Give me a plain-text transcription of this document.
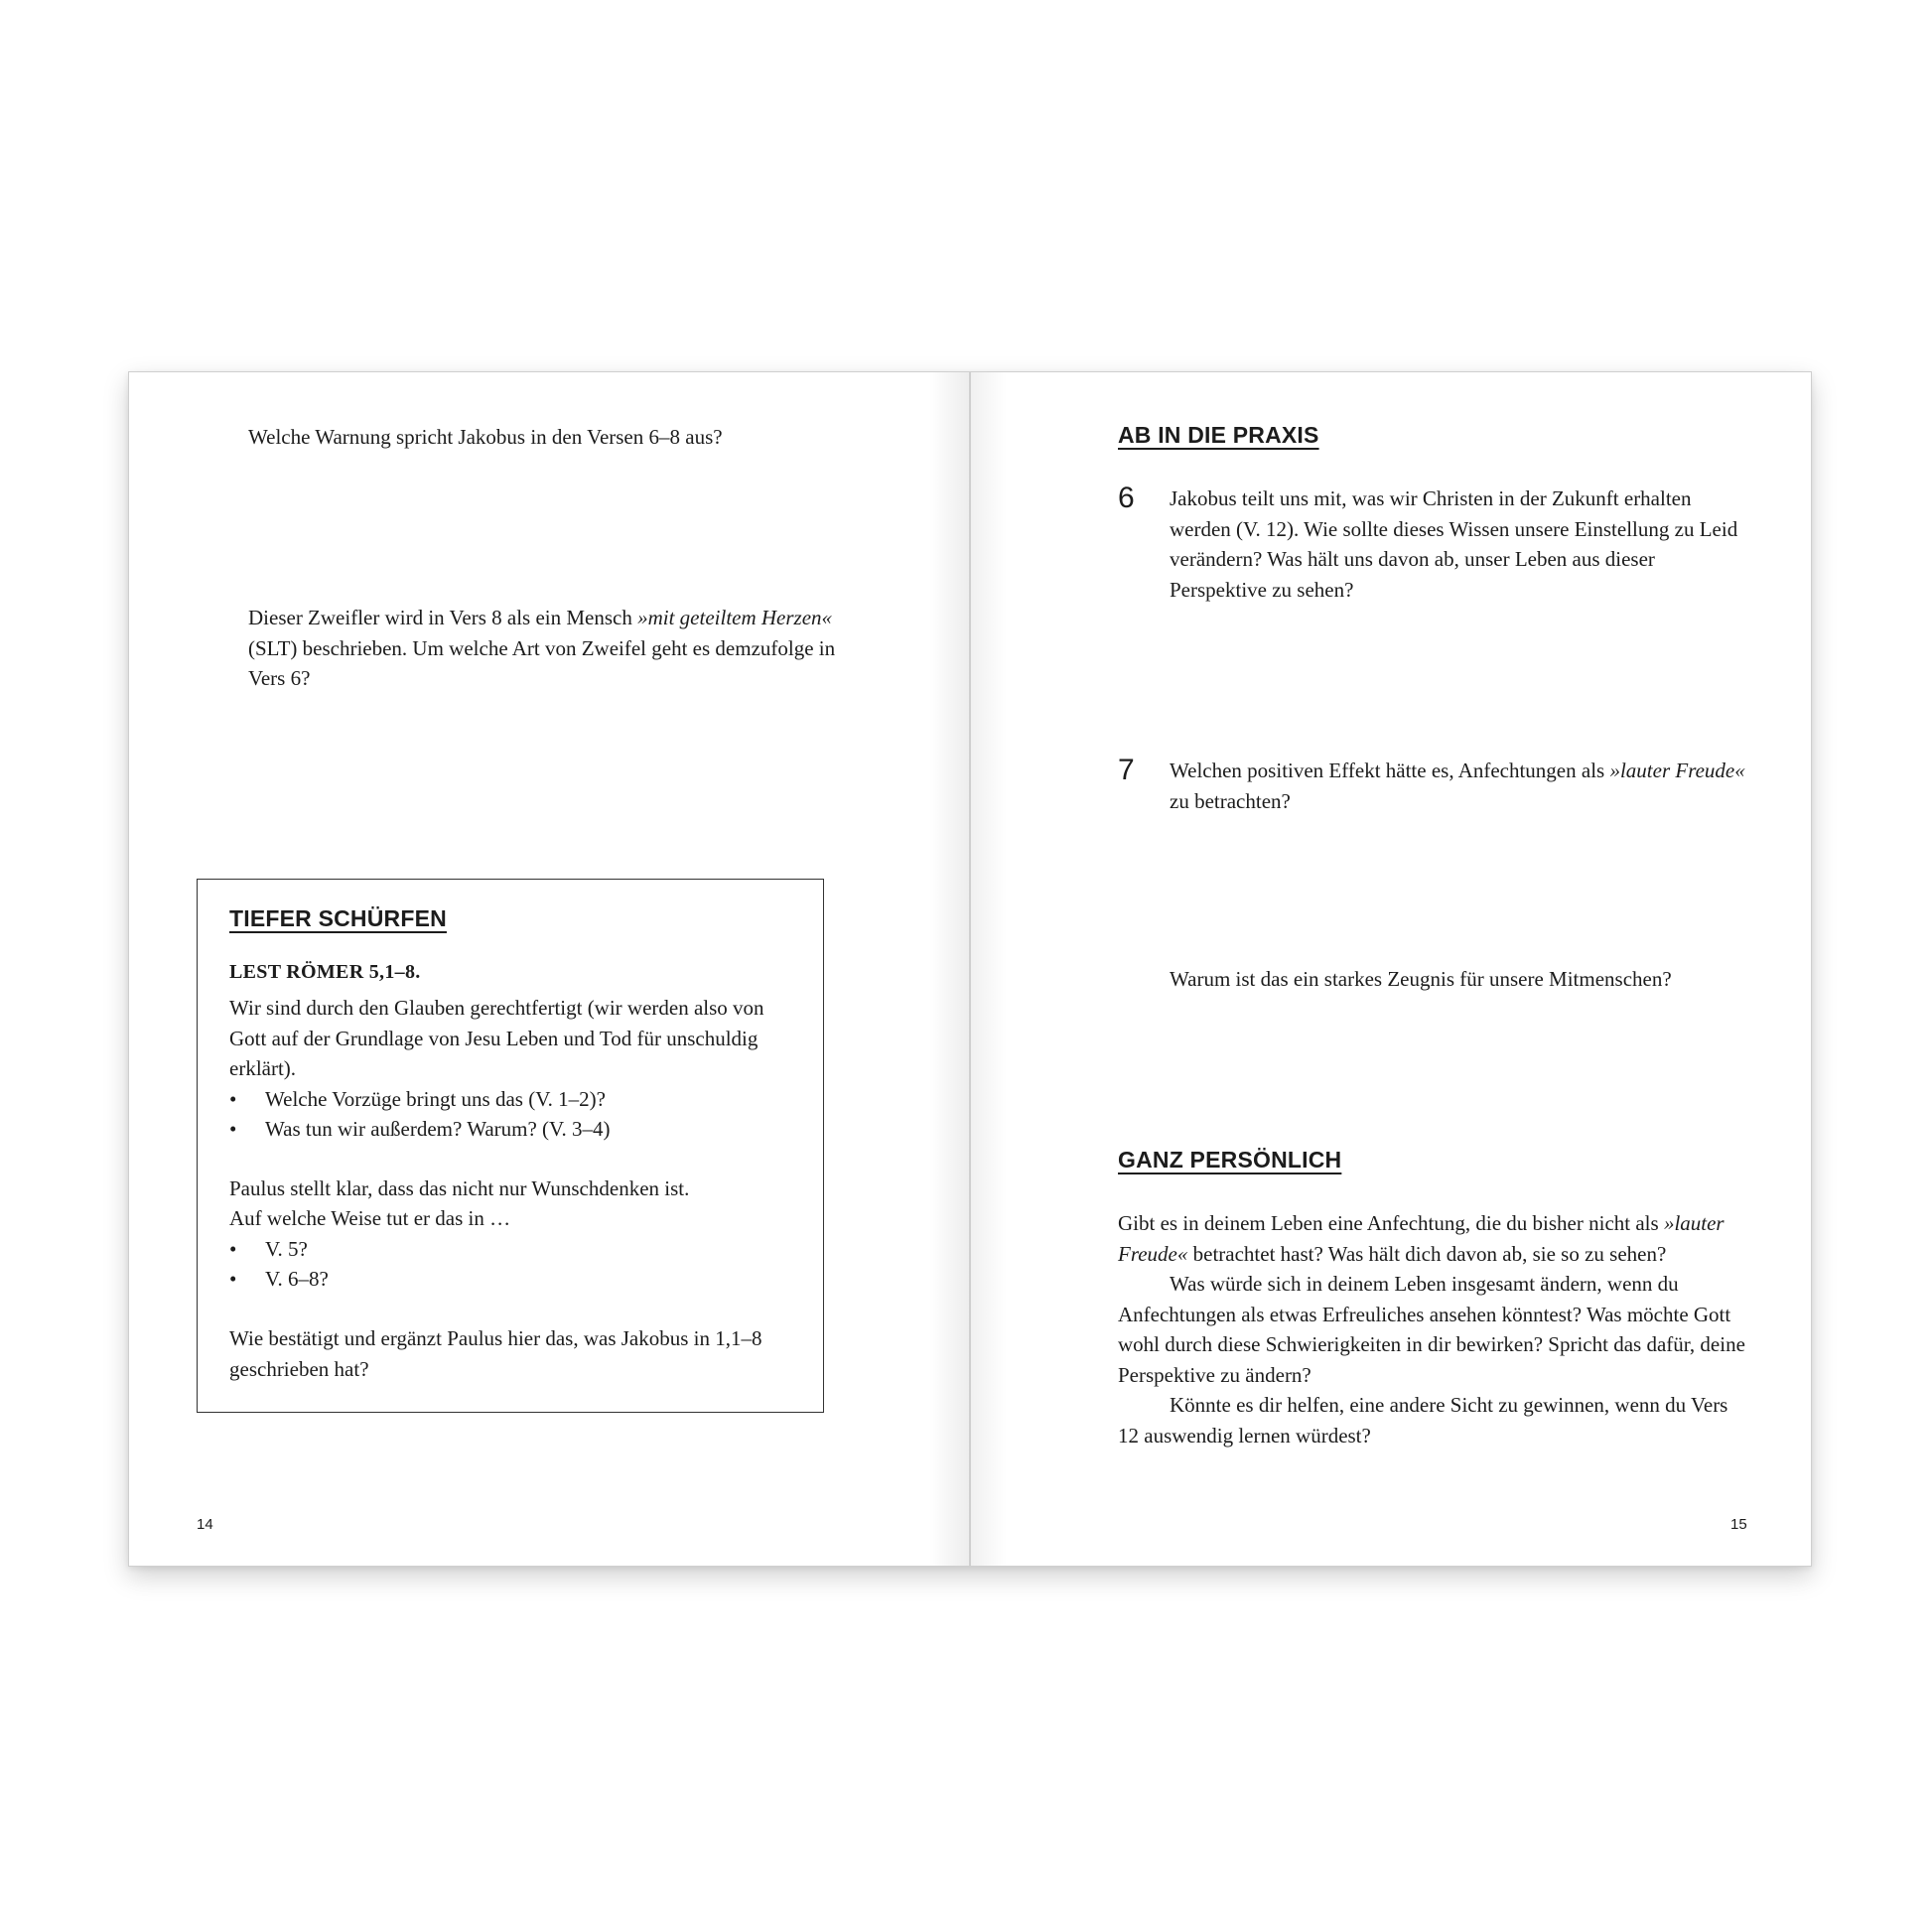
Welche Warnung spricht Jakobus in den Versen 6–8 aus?

Dieser Zweifler wird in Vers 8 als ein Mensch »mit geteiltem Herzen« (SLT) beschrieben. Um welche Art von Zweifel geht es demzufolge in Vers 6?

TIEFER SCHÜRFEN
LEST RÖMER 5,1–8.

Wir sind durch den Glauben gerechtfertigt (wir werden also von Gott auf der Grundlage von Jesu Leben und Tod für unschuldig erklärt).

• Welche Vorzüge bringt uns das (V. 1–2)?
• Was tun wir außerdem? Warum? (V. 3–4)

Paulus stellt klar, dass das nicht nur Wunschdenken ist.

Auf welche Weise tut er das in …

• V. 5?
• V. 6–8?

Wie bestätigt und ergänzt Paulus hier das, was Jakobus in 1,1–8 geschrieben hat?

14
AB IN DIE PRAXIS
6 Jakobus teilt uns mit, was wir Christen in der Zukunft erhalten werden (V. 12). Wie sollte dieses Wissen unsere Einstellung zu Leid verändern? Was hält uns davon ab, unser Leben aus dieser Perspektive zu sehen?

7 Welchen positiven Effekt hätte es, Anfechtungen als »lauter Freude« zu betrachten?

Warum ist das ein starkes Zeugnis für unsere Mitmenschen?

GANZ PERSÖNLICH
Gibt es in deinem Leben eine Anfechtung, die du bisher nicht als »lauter Freude« betrachtet hast? Was hält dich davon ab, sie so zu sehen?
Was würde sich in deinem Leben insgesamt ändern, wenn du Anfechtungen als etwas Erfreuliches ansehen könntest? Was möchte Gott wohl durch diese Schwierigkeiten in dir bewirken? Spricht das dafür, deine Perspektive zu ändern?
Könnte es dir helfen, eine andere Sicht zu gewinnen, wenn du Vers 12 auswendig lernen würdest?
15
